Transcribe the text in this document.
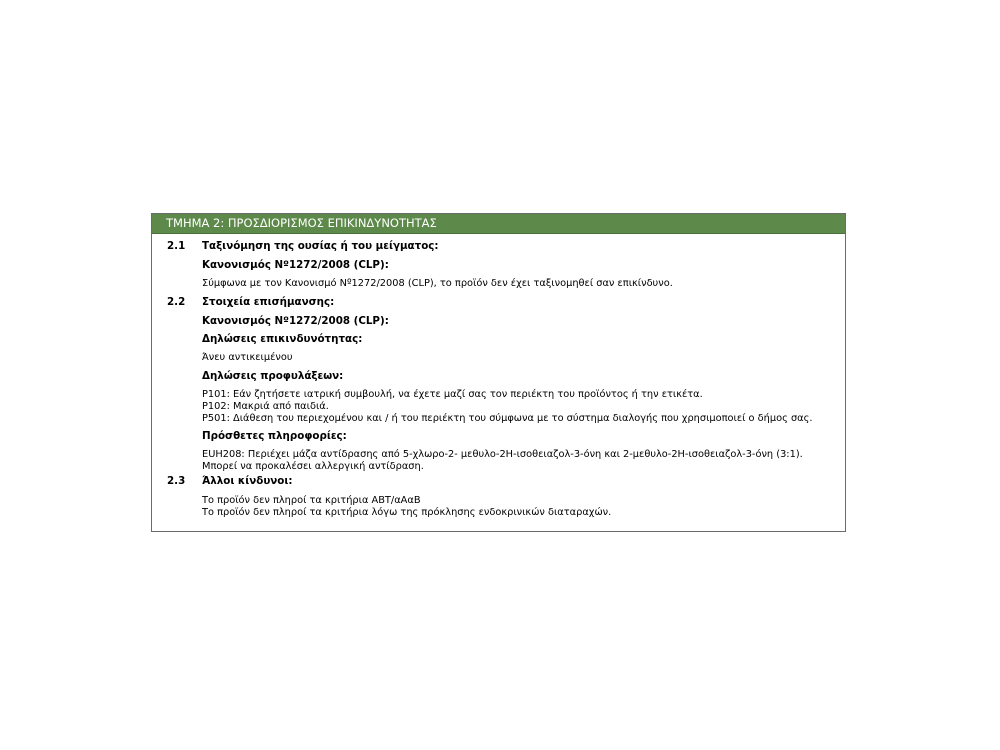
ΤΜΗΜΑ 2: ΠΡΟΣΔΙΟΡΙΣΜΟΣ ΕΠΙΚΙΝΔΥΝΟΤΗΤΑΣ
2.1	Ταξινόμηση της ουσίας ή του μείγματος:
Κανονισμός Nº1272/2008 (CLP):
Σύμφωνα με τον Κανονισμό Nº1272/2008 (CLP), το προϊόν δεν έχει ταξινομηθεί σαν επικίνδυνο.
2.2	Στοιχεία επισήμανσης:
Κανονισμός Nº1272/2008 (CLP):
Δηλώσεις επικινδυνότητας:
Άνευ αντικειμένου
Δηλώσεις προφυλάξεων:
P101: Εάν ζητήσετε ιατρική συμβουλή, να έχετε μαζί σας τον περιέκτη του προϊόντος ή την ετικέτα.
P102: Μακριά από παιδιά.
P501: Διάθεση του περιεχομένου και / ή του περιέκτη του σύμφωνα με το σύστημα διαλογής που χρησιμοποιεί ο δήμος σας.
Πρόσθετες πληροφορίες:
EUH208: Περιέχει μάζα αντίδρασης από 5-χλωρο-2- μεθυλο-2Η-ισοθειαζολ-3-όνη και 2-μεθυλο-2Η-ισοθειαζολ-3-όνη (3:1). Μπορεί να προκαλέσει αλλεργική αντίδραση.
2.3	Άλλοι κίνδυνοι:
Το προϊόν δεν πληροί τα κριτήρια ΑΒΤ/αΑαΒ
Το προϊόν δεν πληροί τα κριτήρια λόγω της πρόκλησης ενδοκρινικών διαταραχών.
